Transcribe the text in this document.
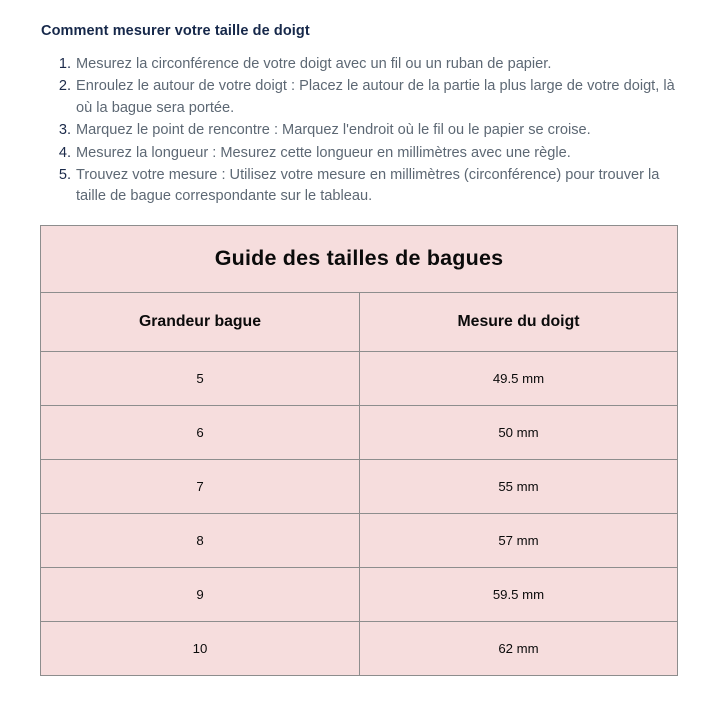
Comment mesurer votre taille de doigt
Mesurez la circonférence de votre doigt avec un fil ou un ruban de papier.
Enroulez le autour de votre doigt : Placez le autour de la partie la plus large de votre doigt, là où la bague sera portée.
Marquez le point de rencontre : Marquez l'endroit où le fil ou le papier se croise.
Mesurez la longueur : Mesurez cette longueur en millimètres avec une règle.
Trouvez votre mesure : Utilisez votre mesure en millimètres (circonférence) pour trouver la taille de bague correspondante sur le tableau.
Guide des tailles de bagues	
Grandeur bague	Mesure du doigt
5	49.5 mm
6	50 mm
7	55 mm
8	57 mm
9	59.5 mm
10	62 mm
